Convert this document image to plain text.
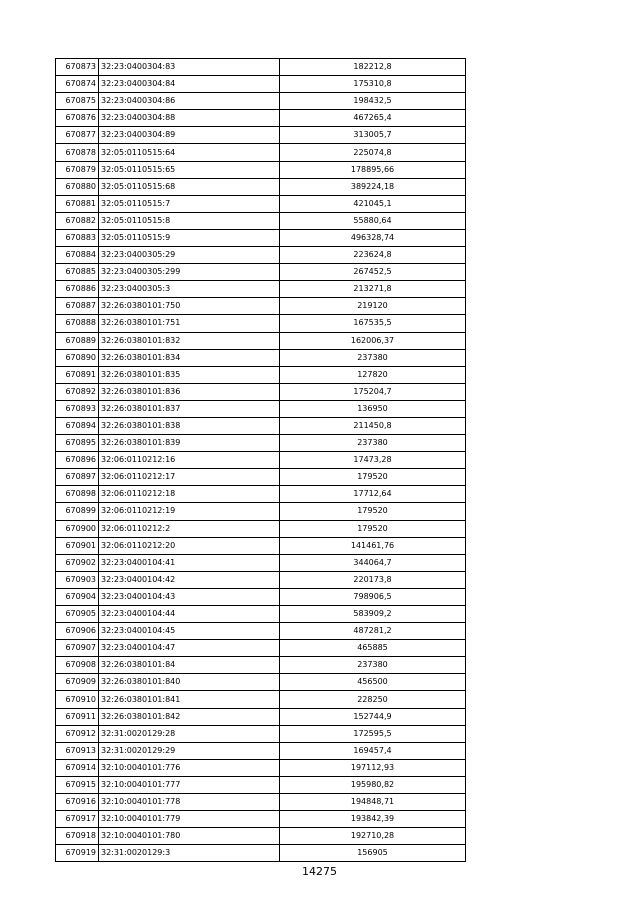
670873	32:23:0400304:83	182212,8
670874	32:23:0400304:84	175310,8
670875	32:23:0400304:86	198432,5
670876	32:23:0400304:88	467265,4
670877	32:23:0400304:89	313005,7
670878	32:05:0110515:64	225074,8
670879	32:05:0110515:65	178895,66
670880	32:05:0110515:68	389224,18
670881	32:05:0110515:7	421045,1
670882	32:05:0110515:8	55880,64
670883	32:05:0110515:9	496328,74
670884	32:23:0400305:29	223624,8
670885	32:23:0400305:299	267452,5
670886	32:23:0400305:3	213271,8
670887	32:26:0380101:750	219120
670888	32:26:0380101:751	167535,5
670889	32:26:0380101:832	162006,37
670890	32:26:0380101:834	237380
670891	32:26:0380101:835	127820
670892	32:26:0380101:836	175204,7
670893	32:26:0380101:837	136950
670894	32:26:0380101:838	211450,8
670895	32:26:0380101:839	237380
670896	32:06:0110212:16	17473,28
670897	32:06:0110212:17	179520
670898	32:06:0110212:18	17712,64
670899	32:06:0110212:19	179520
670900	32:06:0110212:2	179520
670901	32:06:0110212:20	141461,76
670902	32:23:0400104:41	344064,7
670903	32:23:0400104:42	220173,8
670904	32:23:0400104:43	798906,5
670905	32:23:0400104:44	583909,2
670906	32:23:0400104:45	487281,2
670907	32:23:0400104:47	465885
670908	32:26:0380101:84	237380
670909	32:26:0380101:840	456500
670910	32:26:0380101:841	228250
670911	32:26:0380101:842	152744,9
670912	32:31:0020129:28	172595,5
670913	32:31:0020129:29	169457,4
670914	32:10:0040101:776	197112,93
670915	32:10:0040101:777	195980,82
670916	32:10:0040101:778	194848,71
670917	32:10:0040101:779	193842,39
670918	32:10:0040101:780	192710,28
670919	32:31:0020129:3	156905
14275
